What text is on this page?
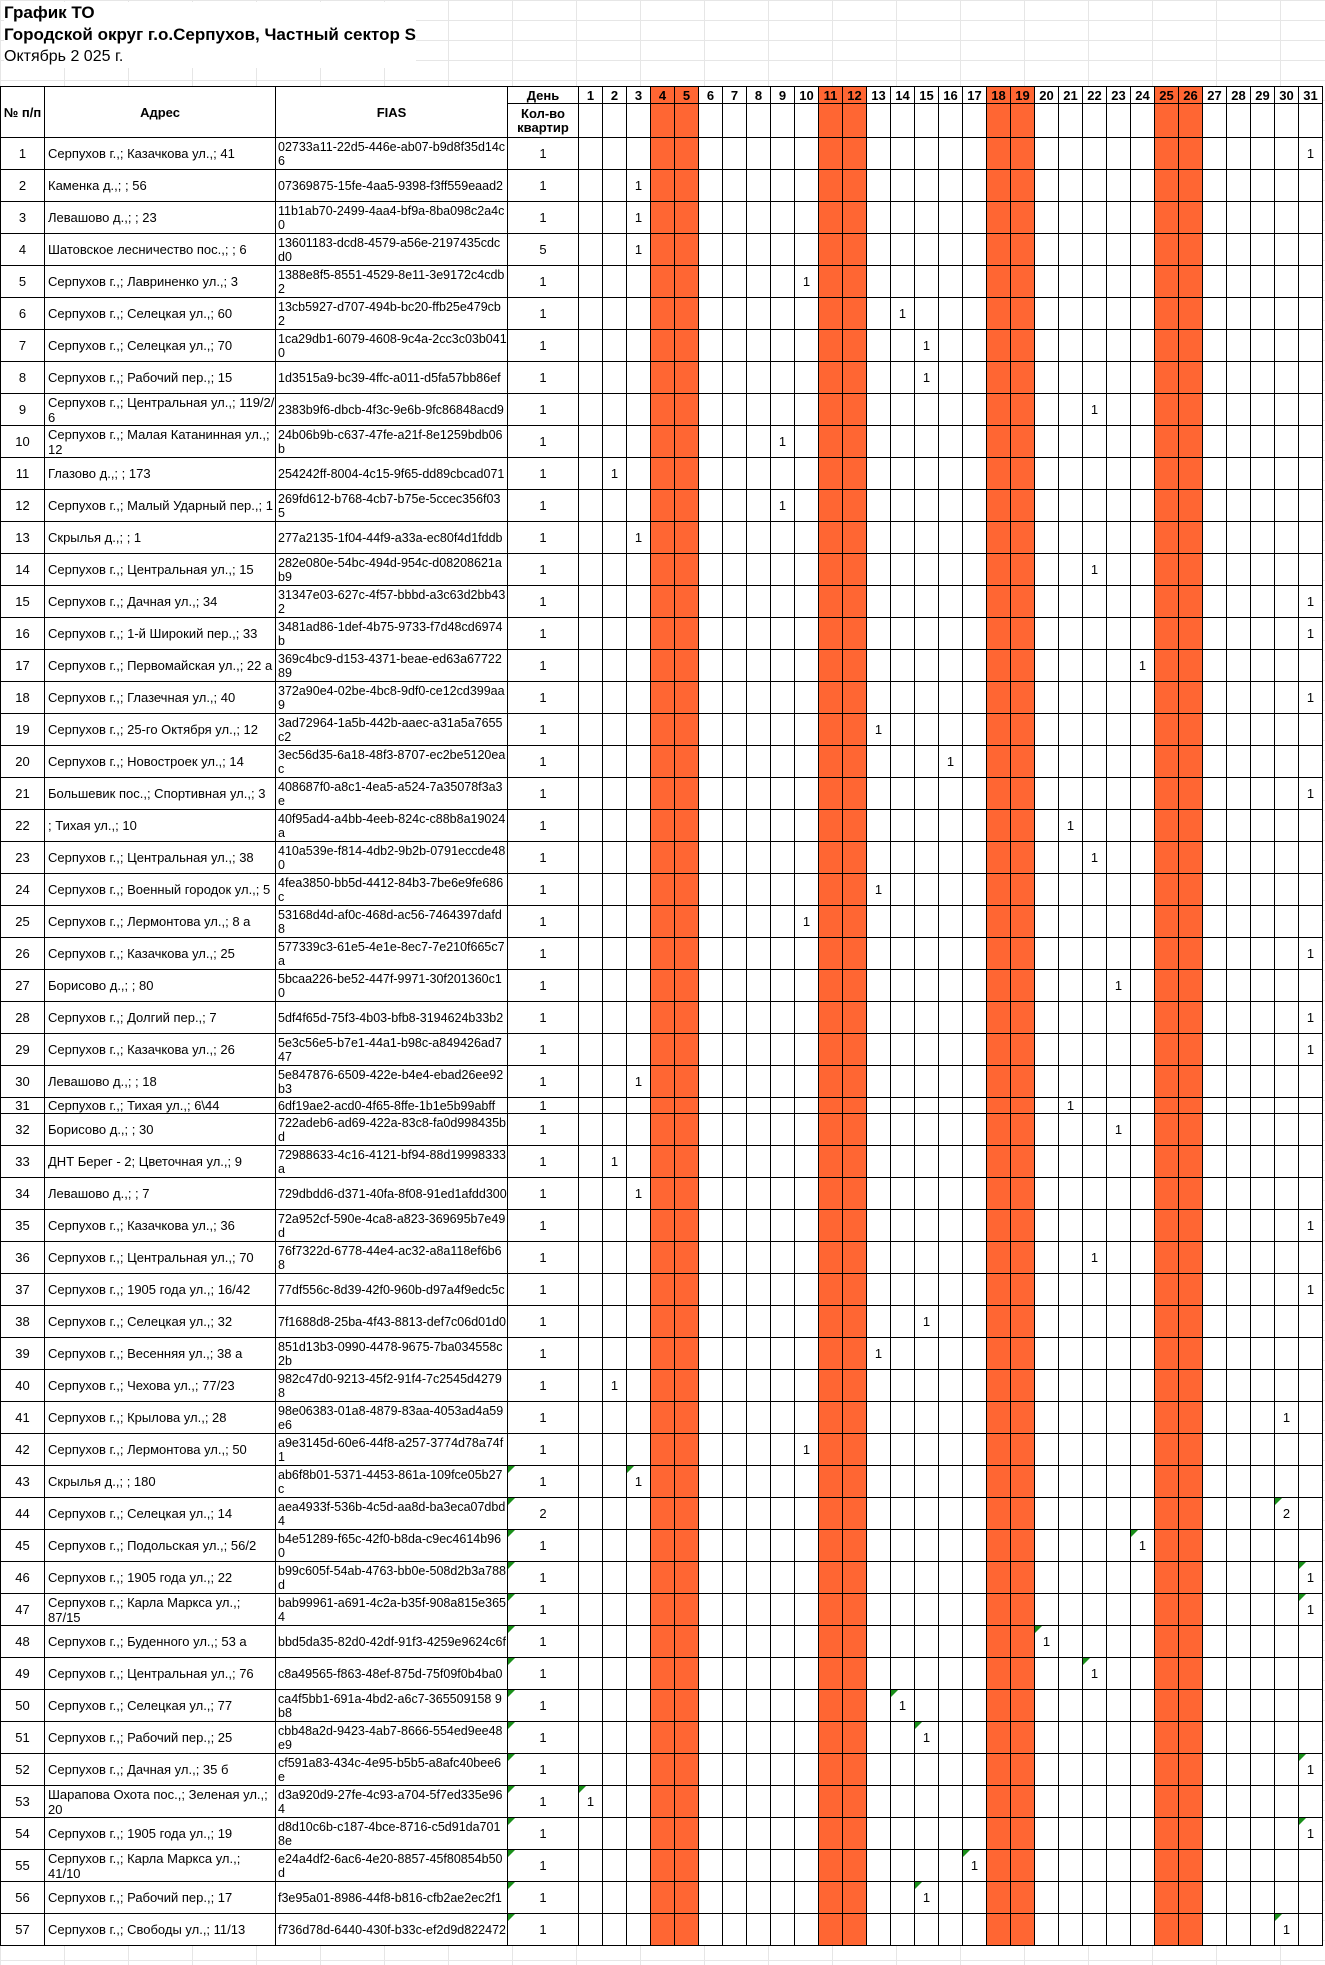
График ТО
Городской округ г.о.Серпухов, Частный сектор S
Октябрь 2 025 г.
№ п/п	Адрес	FIAS	День	1	2	3	4	5	6	7	8	9	10	11	12	13	14	15	16	17	18	19	20	21	22	23	24	25	26	27	28	29	30	31
			Кол-во квартир																															
1	Серпухов г.,; Казачкова ул.,; 41	02733a11-22d5-446e-ab07-b9d8f35d14c6	1																															1
2	Каменка д.,; ; 56	07369875-15fe-4aa5-9398-f3ff559eaad2	1			1																												
3	Левашово д.,; ; 23	11b1ab70-2499-4aa4-bf9a-8ba098c2a4c0	1			1																												
4	Шатовское лесничество пос.,; ; 6	13601183-dcd8-4579-a56e-2197435cdcd0	5			1																												
5	Серпухов г.,; Лавриненко ул.,; 3	1388e8f5-8551-4529-8e11-3e9172c4cdb2	1										1																					
6	Серпухов г.,; Селецкая ул.,; 60	13cb5927-d707-494b-bc20-ffb25e479cb2	1														1																	
7	Серпухов г.,; Селецкая ул.,; 70	1ca29db1-6079-4608-9c4a-2cc3c03b0410	1															1																
8	Серпухов г.,; Рабочий пер.,; 15	1d3515a9-bc39-4ffc-a011-d5fa57bb86ef	1															1																
9	Серпухов г.,; Центральная ул.,; 119/2/ 6	2383b9f6-dbcb-4f3c-9e6b-9fc86848acd9	1																						1									
10	Серпухов г.,; Малая Катанинная ул.,; 12	24b06b9b-c637-47fe-a21f-8e1259bdb06b	1									1																						
11	Глазово д.,; ; 173	254242ff-8004-4c15-9f65-dd89cbcad071	1		1																													
12	Серпухов г.,; Малый Ударный пер.,; 1	269fd612-b768-4cb7-b75e-5ccec356f035	1									1																						
13	Скрылья д.,; ; 1	277a2135-1f04-44f9-a33a-ec80f4d1fddb	1			1																												
14	Серпухов г.,; Центральная ул.,; 15	282e080e-54bc-494d-954c-d08208621ab9	1																						1									
15	Серпухов г.,; Дачная ул.,; 34	31347e03-627c-4f57-bbbd-a3c63d2bb432	1																															1
16	Серпухов г.,; 1-й Широкий пер.,; 33	3481ad86-1def-4b75-9733-f7d48cd6974b	1																															1
17	Серпухов г.,; Первомайская ул.,; 22 а	369c4bc9-d153-4371-beae-ed63a6772289	1																								1							
18	Серпухов г.,; Глазечная ул.,; 40	372a90e4-02be-4bc8-9df0-ce12cd399aa9	1																															1
19	Серпухов г.,; 25-го Октября ул.,; 12	3ad72964-1a5b-442b-aaec-a31a5a7655c2	1													1																		
20	Серпухов г.,; Новостроек ул.,; 14	3ec56d35-6a18-48f3-8707-ec2be5120eac	1																1															
21	Большевик пос.,; Спортивная ул.,; 3	408687f0-a8c1-4ea5-a524-7a35078f3a3e	1																															1
22	; Тихая ул.,; 10	40f95ad4-a4bb-4eeb-824c-c88b8a19024a	1																					1										
23	Серпухов г.,; Центральная ул.,; 38	410a539e-f814-4db2-9b2b-0791eccde480	1																						1									
24	Серпухов г.,; Военный городок ул.,; 5	4fea3850-bb5d-4412-84b3-7be6e9fe686c	1													1																		
25	Серпухов г.,; Лермонтова ул.,; 8 а	53168d4d-af0c-468d-ac56-7464397dafd8	1										1																					
26	Серпухов г.,; Казачкова ул.,; 25	577339c3-61e5-4e1e-8ec7-7e210f665c7a	1																															1
27	Борисово д.,; ; 80	5bcaa226-be52-447f-9971-30f201360c10	1																							1								
28	Серпухов г.,; Долгий пер.,; 7	5df4f65d-75f3-4b03-bfb8-3194624b33b2	1																															1
29	Серпухов г.,; Казачкова ул.,; 26	5e3c56e5-b7e1-44a1-b98c-a849426ad747	1																															1
30	Левашово д.,; ; 18	5e847876-6509-422e-b4e4-ebad26ee92b3	1			1																												
31	Серпухов г.,; Тихая ул.,; 6\44	6df19ae2-acd0-4f65-8ffe-1b1e5b99abff	1																					1										
32	Борисово д.,; ; 30	722adeb6-ad69-422a-83c8-fa0d998435bd	1																							1								
33	ДНТ Берег - 2; Цветочная ул.,; 9	72988633-4c16-4121-bf94-88d19998333a	1		1																													
34	Левашово д.,; ; 7	729dbdd6-d371-40fa-8f08-91ed1afdd300	1			1																												
35	Серпухов г.,; Казачкова ул.,; 36	72a952cf-590e-4ca8-a823-369695b7e49d	1																															1
36	Серпухов г.,; Центральная ул.,; 70	76f7322d-6778-44e4-ac32-a8a118ef6b68	1																						1									
37	Серпухов г.,; 1905 года ул.,; 16/42	77df556c-8d39-42f0-960b-d97a4f9edc5c	1																															1
38	Серпухов г.,; Селецкая ул.,; 32	7f1688d8-25ba-4f43-8813-def7c06d01d0	1															1																
39	Серпухов г.,; Весенняя ул.,; 38 а	851d13b3-0990-4478-9675-7ba034558c2b	1													1																		
40	Серпухов г.,; Чехова ул.,; 77/23	982c47d0-9213-45f2-91f4-7c2545d42798	1		1																													
41	Серпухов г.,; Крылова ул.,; 28	98e06383-01a8-4879-83aa-4053ad4a59e6	1																														1	
42	Серпухов г.,; Лермонтова ул.,; 50	a9e3145d-60e6-44f8-a257-3774d78a74f1	1										1																					
43	Скрылья д.,; ; 180	ab6f8b01-5371-4453-861a-109fce05b27c	1			1																												
44	Серпухов г.,; Селецкая ул.,; 14	aea4933f-536b-4c5d-aa8d-ba3eca07dbd4	2																														2	
45	Серпухов г.,; Подольская ул.,; 56/2	b4e51289-f65c-42f0-b8da-c9ec4614b960	1																								1							
46	Серпухов г.,; 1905 года ул.,; 22	b99c605f-54ab-4763-bb0e-508d2b3a788d	1																															1
47	Серпухов г.,; Карла Маркса ул.,; 87/15	bab99961-a691-4c2a-b35f-908a815e3654	1																															1
48	Серпухов г.,; Буденного ул.,; 53 а	bbd5da35-82d0-42df-91f3-4259e9624c6f	1																				1											
49	Серпухов г.,; Центральная ул.,; 76	c8a49565-f863-48ef-875d-75f09f0b4ba0	1																						1									
50	Серпухов г.,; Селецкая ул.,; 77	ca4f5bb1-691a-4bd2-a6c7-365509158 9b8	1														1																	
51	Серпухов г.,; Рабочий пер.,; 25	cbb48a2d-9423-4ab7-8666-554ed9ee48e9	1															1																
52	Серпухов г.,; Дачная ул.,; 35 б	cf591a83-434c-4e95-b5b5-a8afc40bee6e	1																															1
53	Шарапова Охота пос.,; Зеленая ул.,; 20	d3a920d9-27fe-4c93-a704-5f7ed335e964	1	1																														
54	Серпухов г.,; 1905 года ул.,; 19	d8d10c6b-c187-4bce-8716-c5d91da7018e	1																															1
55	Серпухов г.,; Карла Маркса ул.,; 41/10	e24a4df2-6ac6-4e20-8857-45f80854b50d	1																	1														
56	Серпухов г.,; Рабочий пер.,; 17	f3e95a01-8986-44f8-b816-cfb2ae2ec2f1	1															1																
57	Серпухов г.,; Свободы ул.,; 11/13	f736d78d-6440-430f-b33c-ef2d9d822472	1																														1	
